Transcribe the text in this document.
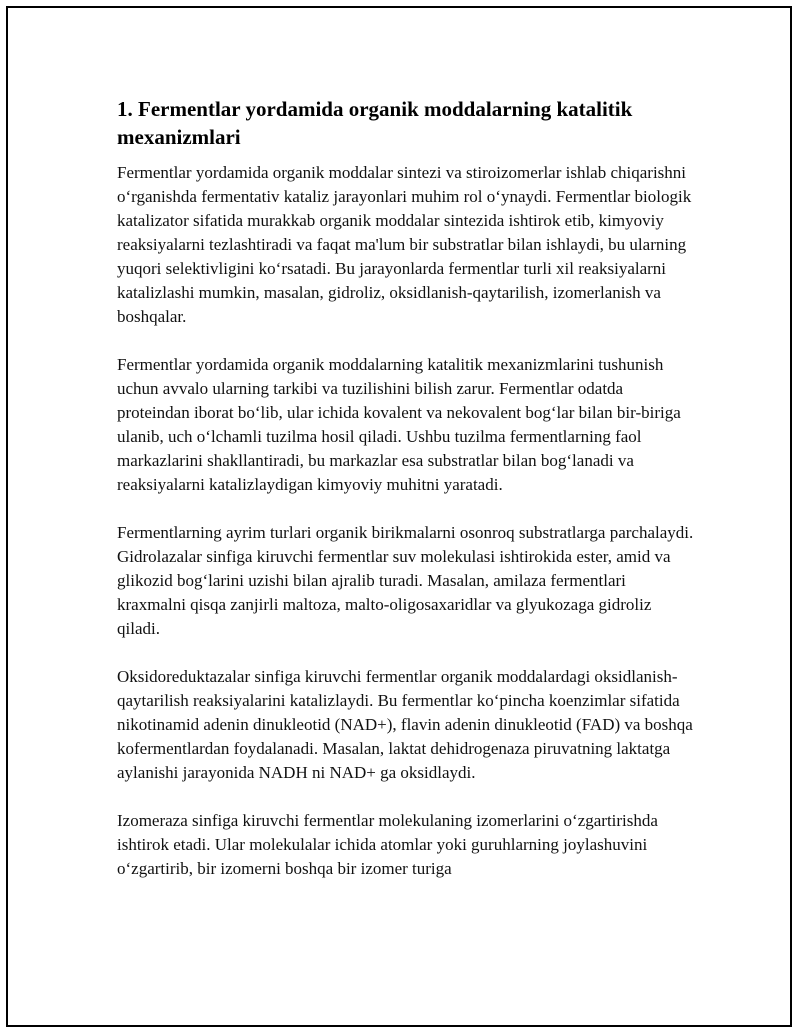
1. Fermentlar yordamida organik moddalarning katalitik mexanizmlari

Fermentlar yordamida organik moddalar sintezi va stiroizomerlar ishlab chiqarishni o‘rganishda fermentativ kataliz jarayonlari muhim rol o‘ynaydi. Fermentlar biologik katalizator sifatida murakkab organik moddalar sintezida ishtirok etib, kimyoviy reaksiyalarni tezlashtiradi va faqat ma'lum bir substratlar bilan ishlaydi, bu ularning yuqori selektivligini ko‘rsatadi. Bu jarayonlarda fermentlar turli xil reaksiyalarni katalizlashi mumkin, masalan, gidroliz, oksidlanish-qaytarilish, izomerlanish va boshqalar.

Fermentlar yordamida organik moddalarning katalitik mexanizmlarini tushunish uchun avvalo ularning tarkibi va tuzilishini bilish zarur. Fermentlar odatda proteindan iborat bo‘lib, ular ichida kovalent va nekovalent bog‘lar bilan bir-biriga ulanib, uch o‘lchamli tuzilma hosil qiladi. Ushbu tuzilma fermentlarning faol markazlarini shakllantiradi, bu markazlar esa substratlar bilan bog‘lanadi va reaksiyalarni katalizlaydigan kimyoviy muhitni yaratadi.

Fermentlarning ayrim turlari organik birikmalarni osonroq substratlarga parchalaydi. Gidrolazalar sinfiga kiruvchi fermentlar suv molekulasi ishtirokida ester, amid va glikozid bog‘larini uzishi bilan ajralib turadi. Masalan, amilaza fermentlari kraxmalni qisqa zanjirli maltoza, malto-oligosaxaridlar va glyukozaga gidroliz qiladi.

Oksidoreduktazalar sinfiga kiruvchi fermentlar organik moddalardagi oksidlanish-qaytarilish reaksiyalarini katalizlaydi. Bu fermentlar ko‘pincha koenzimlar sifatida nikotinamid adenin dinukleotid (NAD+), flavin adenin dinukleotid (FAD) va boshqa kofermentlardan foydalanadi. Masalan, laktat dehidrogenaza piruvatning laktatga aylanishi jarayonida NADH ni NAD+ ga oksidlaydi.

Izomeraza sinfiga kiruvchi fermentlar molekulaning izomerlarini o‘zgartirishda ishtirok etadi. Ular molekulalar ichida atomlar yoki guruhlarning joylashuvini o‘zgartirib, bir izomerni boshqa bir izomer turiga
